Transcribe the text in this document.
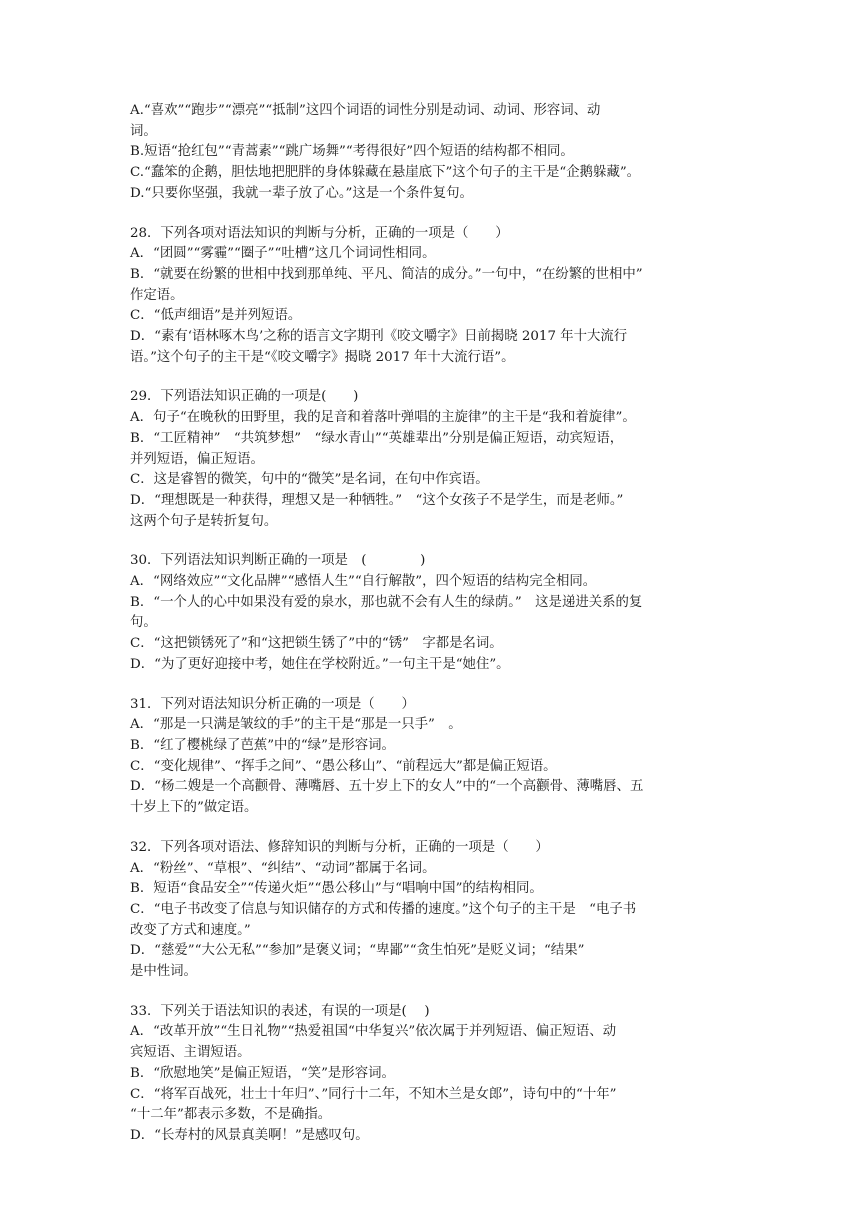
A.“喜欢”“跑步”“漂亮”“抵制”这四个词语的词性分别是动词、动词、形容词、动
词。
B.短语“抢红包”“青蒿素”“跳广场舞”“考得很好”四个短语的结构都不相同。
C.“蠢笨的企鹅，胆怯地把肥胖的身体躲藏在悬崖底下”这个句子的主干是“企鹅躲藏”。
D.“只要你坚强，我就一辈子放了心。”这是一个条件复句。
28．下列各项对语法知识的判断与分析，正确的一项是（　　）
A．“团圆”“雾霾”“圈子”“吐槽”这几个词词性相同。
B．“就要在纷繁的世相中找到那单纯、平凡、简洁的成分。”一句中，“在纷繁的世相中”
作定语。
C．“低声细语”是并列短语。
D．“素有‘语林啄木鸟’之称的语言文字期刊《咬文嚼字》日前揭晓 2017 年十大流行
语。”这个句子的主干是“《咬文嚼字》揭晓 2017 年十大流行语”。
29．下列语法知识正确的一项是(　　)
A．句子“在晚秋的田野里，我的足音和着落叶弹唱的主旋律”的主干是“我和着旋律”。
B．“工匠精神”　“共筑梦想”　“绿水青山”“英雄辈出”分别是偏正短语，动宾短语，
并列短语，偏正短语。
C．这是睿智的微笑，句中的“微笑”是名词，在句中作宾语。
D．“理想既是一种获得，理想又是一种牺牲。”　“这个女孩子不是学生，而是老师。”
这两个句子是转折复句。
30．下列语法知识判断正确的一项是　(　　　　)
A．“网络效应”“文化品牌”“感悟人生”“自行解散”，四个短语的结构完全相同。
B．“一个人的心中如果没有爱的泉水，那也就不会有人生的绿荫。”　这是递进关系的复
句。
C．“这把锁锈死了”和“这把锁生锈了”中的“锈”　字都是名词。
D．“为了更好迎接中考，她住在学校附近。”一句主干是“她住”。
31．下列对语法知识分析正确的一项是（　　）
A．“那是一只满是皱纹的手”的主干是“那是一只手”　。
B．“红了樱桃绿了芭蕉”中的“绿”是形容词。
C．“变化规律”、“挥手之间”、“愚公移山”、“前程远大”都是偏正短语。
D．“杨二嫂是一个高颧骨、薄嘴唇、五十岁上下的女人”中的“一个高颧骨、薄嘴唇、五
十岁上下的”做定语。
32．下列各项对语法、修辞知识的判断与分析，正确的一项是（　　）
A．“粉丝”、“草根”、“纠结”、“动词”都属于名词。
B．短语“食品安全”“传递火炬”“愚公移山”与“唱响中国”的结构相同。
C．“电子书改变了信息与知识储存的方式和传播的速度。”这个句子的主干是　“电子书
改变了方式和速度。”
D．“慈爱”“大公无私”“参加”是褒义词；“卑鄙”“贪生怕死”是贬义词；“结果”
是中性词。
33．下列关于语法知识的表述，有误的一项是(　 )
A．“改革开放”“生日礼物”“热爱祖国“中华复兴”依次属于并列短语、偏正短语、动
宾短语、主谓短语。
B．“欣慰地笑”是偏正短语，“笑”是形容词。
C．“将军百战死，壮士十年归”、”同行十二年，不知木兰是女郎”，诗句中的“十年”
“十二年”都表示多数，不是确指。
D．“长寿村的风景真美啊！”是感叹句。
